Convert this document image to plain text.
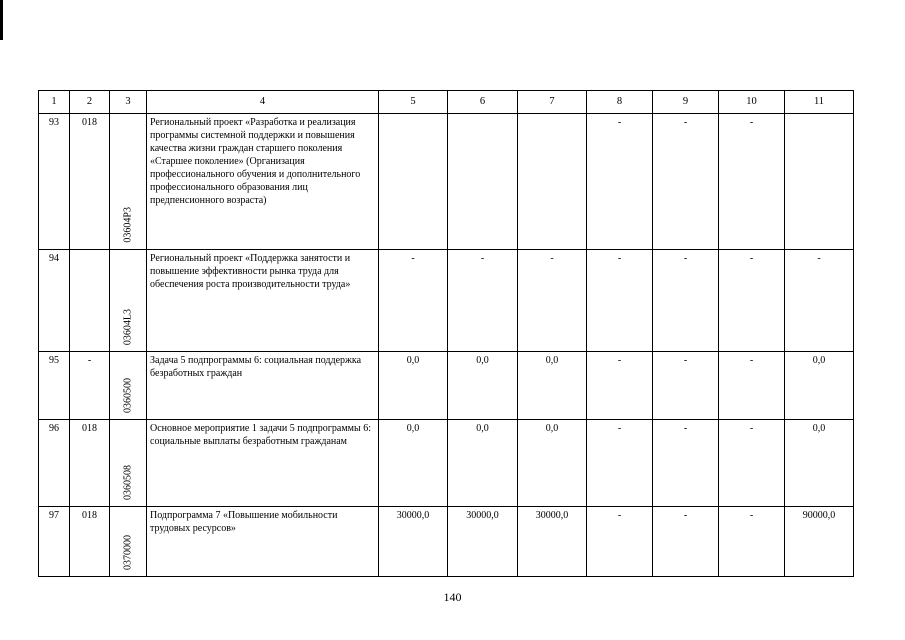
1	2	3	4	5	6	7	8	9	10	11
93	018	03604Р3	Региональный проект «Разработка и реализация программы системной поддержки и повышения качества жизни граждан старшего поколения «Старшее поколение» (Организация профессионального обучения и дополнительного профессионального образования лиц предпенсионного возраста)				-	-	-	
94		03604L3	Региональный проект «Поддержка занятости и повышение эффективности рынка труда для обеспечения роста производительности труда»	-	-	-	-	-	-	-
95	-	0360500	Задача 5 подпрограммы 6: социальная поддержка безработных граждан	0,0	0,0	0,0	-	-	-	0,0
96	018	0360508	Основное мероприятие 1 задачи 5 подпрограммы 6: социальные выплаты безработным гражданам	0,0	0,0	0,0	-	-	-	0,0
97	018	0370000	Подпрограмма 7 «Повышение мобильности трудовых ресурсов»	30000,0	30000,0	30000,0	-	-	-	90000,0
140
